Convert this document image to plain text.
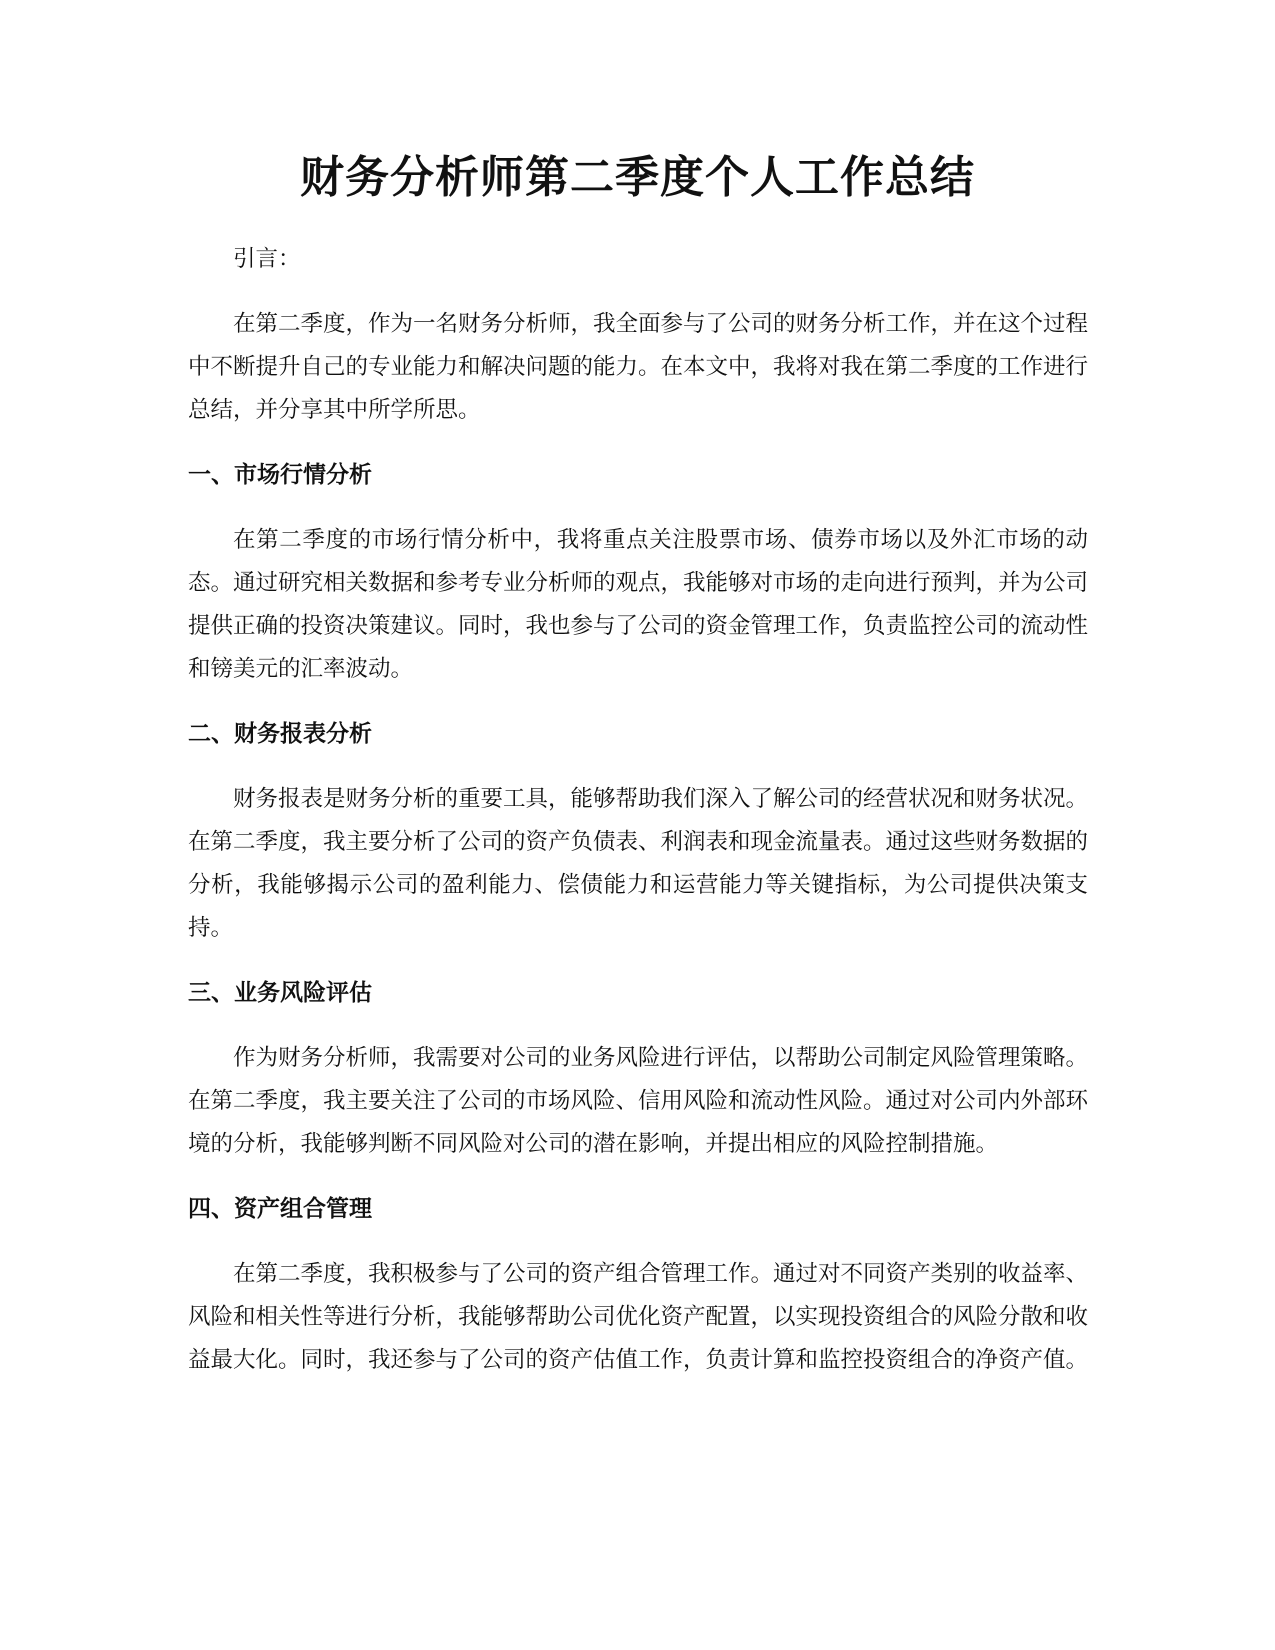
财务分析师第二季度个人工作总结

引言：

在第二季度，作为一名财务分析师，我全面参与了公司的财务分析工作，并在这个过程中不断提升自己的专业能力和解决问题的能力。在本文中，我将对我在第二季度的工作进行总结，并分享其中所学所思。

一、市场行情分析

在第二季度的市场行情分析中，我将重点关注股票市场、债券市场以及外汇市场的动态。通过研究相关数据和参考专业分析师的观点，我能够对市场的走向进行预判，并为公司提供正确的投资决策建议。同时，我也参与了公司的资金管理工作，负责监控公司的流动性和镑美元的汇率波动。

二、财务报表分析

财务报表是财务分析的重要工具，能够帮助我们深入了解公司的经营状况和财务状况。在第二季度，我主要分析了公司的资产负债表、利润表和现金流量表。通过这些财务数据的分析，我能够揭示公司的盈利能力、偿债能力和运营能力等关键指标，为公司提供决策支持。

三、业务风险评估

作为财务分析师，我需要对公司的业务风险进行评估，以帮助公司制定风险管理策略。在第二季度，我主要关注了公司的市场风险、信用风险和流动性风险。通过对公司内外部环境的分析，我能够判断不同风险对公司的潜在影响，并提出相应的风险控制措施。

四、资产组合管理

在第二季度，我积极参与了公司的资产组合管理工作。通过对不同资产类别的收益率、风险和相关性等进行分析，我能够帮助公司优化资产配置，以实现投资组合的风险分散和收益最大化。同时，我还参与了公司的资产估值工作，负责计算和监控投资组合的净资产值。
